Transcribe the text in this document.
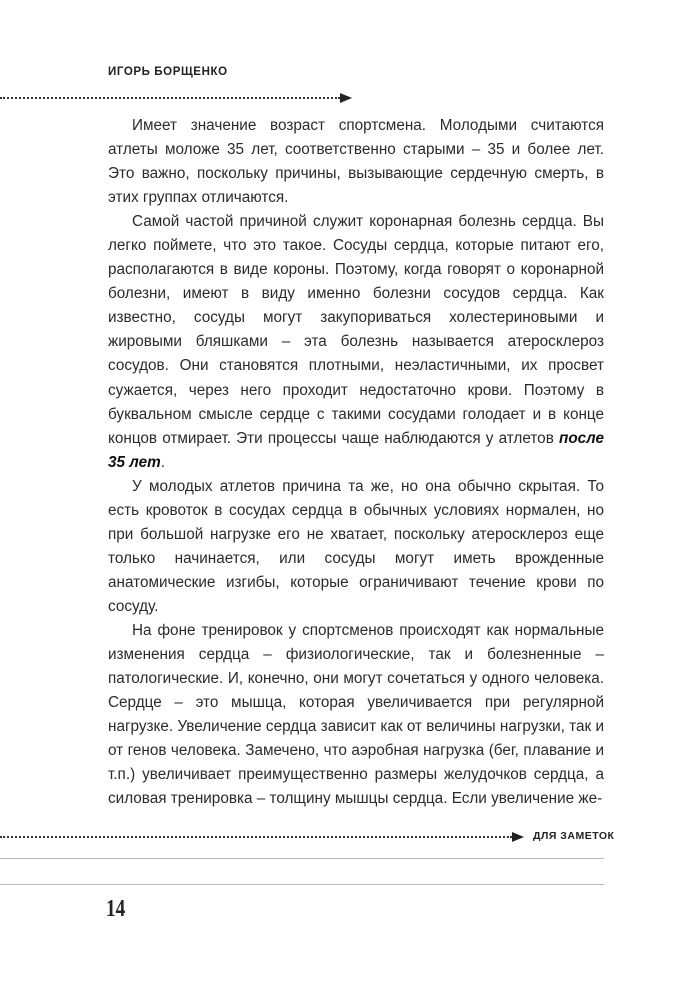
ИГОРЬ БОРЩЕНКО

Имеет значение возраст спортсмена. Молодыми считаются атлеты моложе 35 лет, соответственно старыми – 35 и более лет. Это важно, поскольку причины, вызывающие сердечную смерть, в этих группах отличаются.

Самой частой причиной служит коронарная болезнь сердца. Вы легко поймете, что это такое. Сосуды сердца, которые питают его, располагаются в виде короны. Поэтому, когда говорят о коронарной болезни, имеют в виду именно болезни сосудов сердца. Как известно, сосуды могут закупориваться холестериновыми и жировыми бляшками – эта болезнь называется атеросклероз сосудов. Они становятся плотными, неэластичными, их просвет сужается, через него проходит недостаточно крови. Поэтому в буквальном смысле сердце с такими сосудами голодает и в конце концов отмирает. Эти процессы чаще наблюдаются у атлетов после 35 лет.

У молодых атлетов причина та же, но она обычно скрытая. То есть кровоток в сосудах сердца в обычных условиях нормaлен, но при большой нагрузке его не хватает, поскольку атеросклероз еще только начинается, или сосуды могут иметь врожденные анатомические изгибы, которые ограничивают течение крови по сосуду.

На фоне тренировок у спортсменов происходят как нормальные изменения сердца – физиологические, так и болезненные – патологические. И, конечно, они могут сочетаться у одного человека. Сердце – это мышца, которая увеличивается при регулярной нагрузке. Увеличение сердца зависит как от величины нагрузки, так и от генов человека. Замечено, что аэробная нагрузка (бег, плавание и т.п.) увеличивает преимущественно размеры желудочков сердца, а силовая тренировка – толщину мышцы сердца. Если увеличение же-

ДЛЯ ЗАМЕТОК
14
